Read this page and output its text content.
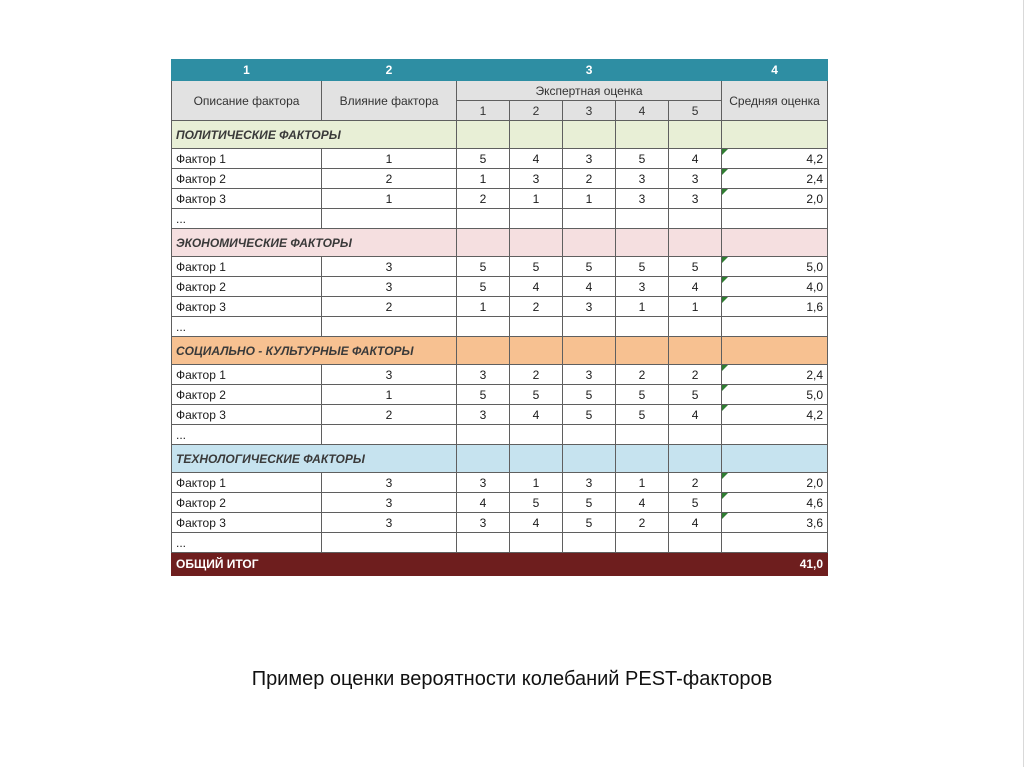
1	2	3					4
Описание фактора	Влияние фактора	Экспертная оценка					Средняя оценка
		1	2	3	4	5	
ПОЛИТИЧЕСКИЕ ФАКТОРЫ							
Фактор 1	1	5	4	3	5	4	4,2
Фактор 2	2	1	3	2	3	3	2,4
Фактор 3	1	2	1	1	3	3	2,0
...							
ЭКОНОМИЧЕСКИЕ ФАКТОРЫ							
Фактор 1	3	5	5	5	5	5	5,0
Фактор 2	3	5	4	4	3	4	4,0
Фактор 3	2	1	2	3	1	1	1,6
...							
СОЦИАЛЬНО - КУЛЬТУРНЫЕ ФАКТОРЫ							
Фактор 1	3	3	2	3	2	2	2,4
Фактор 2	1	5	5	5	5	5	5,0
Фактор 3	2	3	4	5	5	4	4,2
...							
ТЕХНОЛОГИЧЕСКИЕ ФАКТОРЫ							
Фактор 1	3	3	1	3	1	2	2,0
Фактор 2	3	4	5	5	4	5	4,6
Фактор 3	3	3	4	5	2	4	3,6
...							
ОБЩИЙ ИТОГ							41,0
Пример оценки вероятности колебаний PEST-факторов
